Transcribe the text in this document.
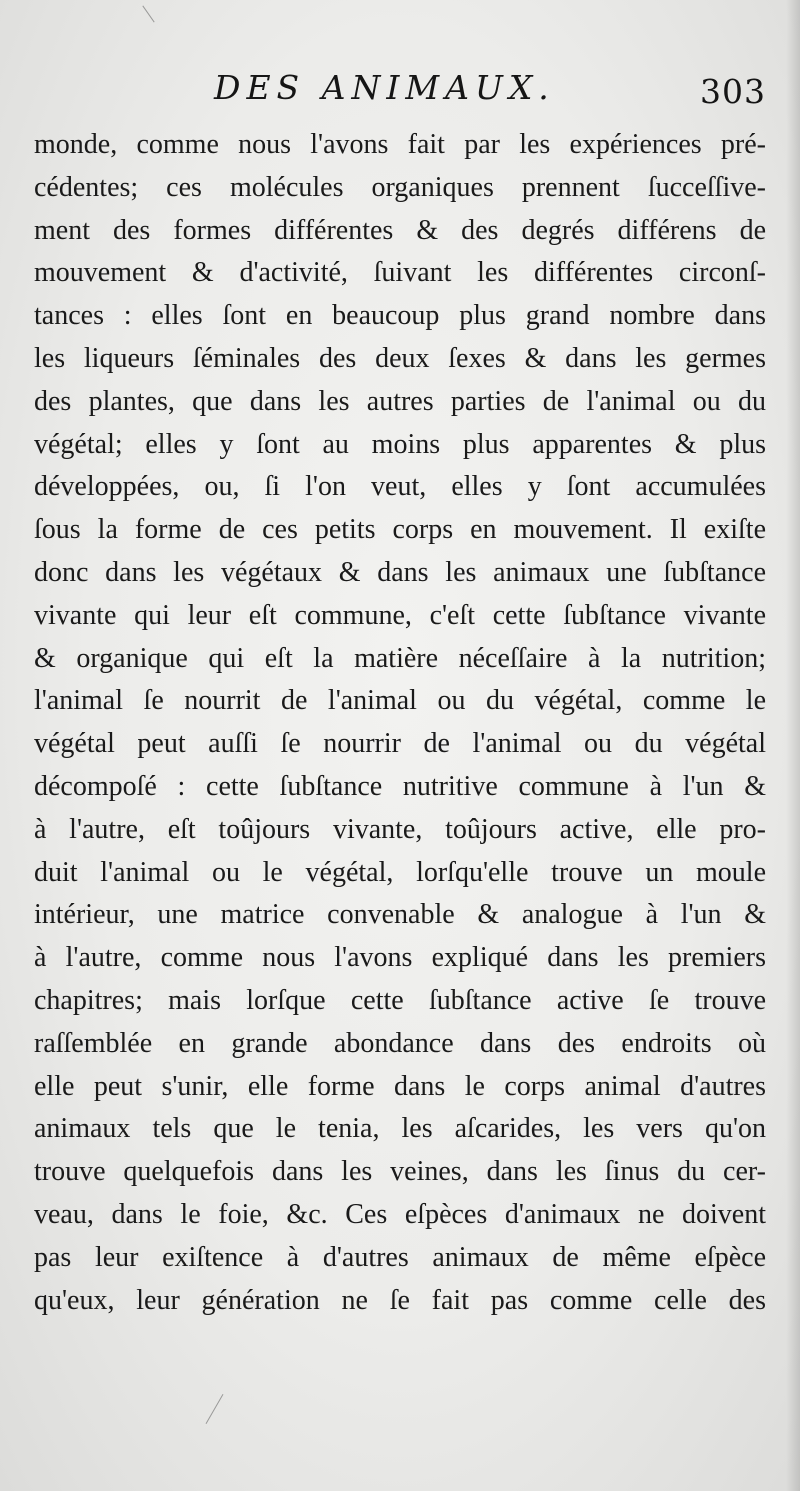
DES ANIMAUX.	303
monde, comme nous l'avons fait par les expériences pré-
cédentes; ces molécules organiques prennent ſucceſſive-
ment des formes différentes & des degrés différens de
mouvement & d'activité, ſuivant les différentes circonſ-
tances : elles ſont en beaucoup plus grand nombre dans
les liqueurs ſéminales des deux ſexes & dans les germes
des plantes, que dans les autres parties de l'animal ou du
végétal; elles y ſont au moins plus apparentes & plus
développées, ou, ſi l'on veut, elles y ſont accumulées
ſous la forme de ces petits corps en mouvement. Il exiſte
donc dans les végétaux & dans les animaux une ſubſtance
vivante qui leur eſt commune, c'eſt cette ſubſtance vivante
& organique qui eſt la matière néceſſaire à la nutrition;
l'animal ſe nourrit de l'animal ou du végétal, comme le
végétal peut auſſi ſe nourrir de l'animal ou du végétal
décompoſé : cette ſubſtance nutritive commune à l'un &
à l'autre, eſt toûjours vivante, toûjours active, elle pro-
duit l'animal ou le végétal, lorſqu'elle trouve un moule
intérieur, une matrice convenable & analogue à l'un &
à l'autre, comme nous l'avons expliqué dans les premiers
chapitres; mais lorſque cette ſubſtance active ſe trouve
raſſemblée en grande abondance dans des endroits où
elle peut s'unir, elle forme dans le corps animal d'autres
animaux tels que le tenia, les aſcarides, les vers qu'on
trouve quelquefois dans les veines, dans les ſinus du cer-
veau, dans le foie, &c. Ces eſpèces d'animaux ne doivent
pas leur exiſtence à d'autres animaux de même eſpèce
qu'eux, leur génération ne ſe fait pas comme celle des
